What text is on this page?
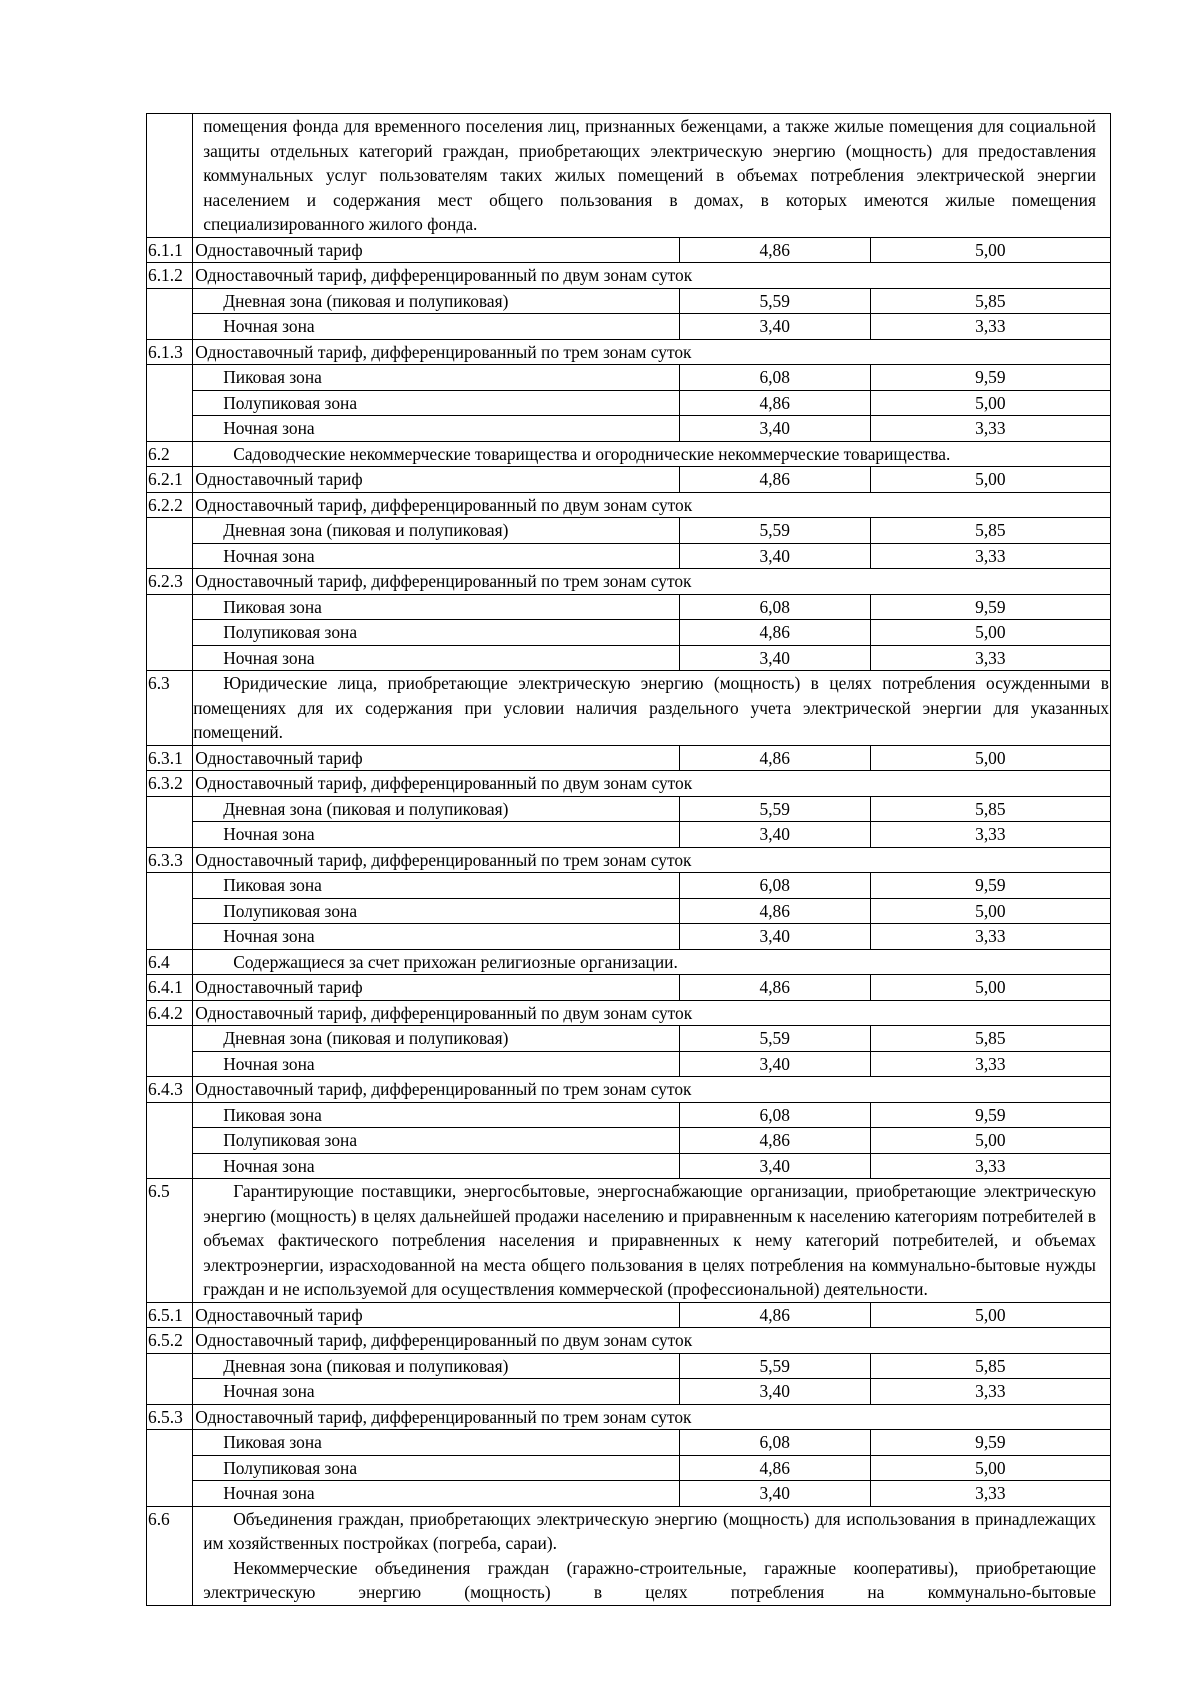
	помещения фонда для временного поселения лиц, признанных беженцами, а также жилые помещения для социальной защиты отдельных категорий граждан, приобретающих электрическую энергию (мощность) для предоставления коммунальных услуг пользователям таких жилых помещений в объемах потребления электрической энергии населением и содержания мест общего пользования в домах, в которых имеются жилые помещения специализированного жилого фонда.		

6.1.1	Одноставочный тариф	4,86	5,00
6.1.2	Одноставочный тариф, дифференцированный по двум зонам суток		
	Дневная зона (пиковая и полупиковая)	5,59	5,85
	Ночная зона	3,40	3,33
6.1.3	Одноставочный тариф, дифференцированный по трем зонам суток		
	Пиковая зона	6,08	9,59
	Полупиковая зона	4,86	5,00
	Ночная зона	3,40	3,33
6.2	Садоводческие некоммерческие товарищества и огороднические некоммерческие товарищества.		

6.2.1	Одноставочный тариф	4,86	5,00
6.2.2	Одноставочный тариф, дифференцированный по двум зонам суток		
	Дневная зона (пиковая и полупиковая)	5,59	5,85
	Ночная зона	3,40	3,33
6.2.3	Одноставочный тариф, дифференцированный по трем зонам суток		
	Пиковая зона	6,08	9,59
	Полупиковая зона	4,86	5,00
	Ночная зона	3,40	3,33
6.3	Юридические лица, приобретающие электрическую энергию (мощность) в целях потребления осужденными в помещениях для их содержания при условии наличия раздельного учета электрической энергии для указанных помещений.		

6.3.1	Одноставочный тариф	4,86	5,00
6.3.2	Одноставочный тариф, дифференцированный по двум зонам суток		
	Дневная зона (пиковая и полупиковая)	5,59	5,85
	Ночная зона	3,40	3,33
6.3.3	Одноставочный тариф, дифференцированный по трем зонам суток		
	Пиковая зона	6,08	9,59
	Полупиковая зона	4,86	5,00
	Ночная зона	3,40	3,33
6.4	Содержащиеся за счет прихожан религиозные организации.		

6.4.1	Одноставочный тариф	4,86	5,00
6.4.2	Одноставочный тариф, дифференцированный по двум зонам суток		
	Дневная зона (пиковая и полупиковая)	5,59	5,85
	Ночная зона	3,40	3,33
6.4.3	Одноставочный тариф, дифференцированный по трем зонам суток		
	Пиковая зона	6,08	9,59
	Полупиковая зона	4,86	5,00
	Ночная зона	3,40	3,33
6.5	Гарантирующие поставщики, энергосбытовые, энергоснабжающие организации, приобретающие электрическую энергию (мощность) в целях дальнейшей продажи населению и приравненным к населению категориям потребителей в объемах фактического потребления населения и приравненных к нему категорий потребителей, и объемах электроэнергии, израсходованной на места общего пользования в целях потребления на коммунально-бытовые нужды граждан и не используемой для осуществления коммерческой (профессиональной) деятельности.		

6.5.1	Одноставочный тариф	4,86	5,00
6.5.2	Одноставочный тариф, дифференцированный по двум зонам суток		
	Дневная зона (пиковая и полупиковая)	5,59	5,85
	Ночная зона	3,40	3,33
6.5.3	Одноставочный тариф, дифференцированный по трем зонам суток		
	Пиковая зона	6,08	9,59
	Полупиковая зона	4,86	5,00
	Ночная зона	3,40	3,33
6.6	Объединения граждан, приобретающих электрическую энергию (мощность) для использования в принадлежащих им хозяйственных постройках (погреба, сараи).

Некоммерческие объединения граждан (гаражно-строительные, гаражные кооперативы), приобретающие электрическую энергию (мощность) в целях потребления на коммунально-бытовые		
